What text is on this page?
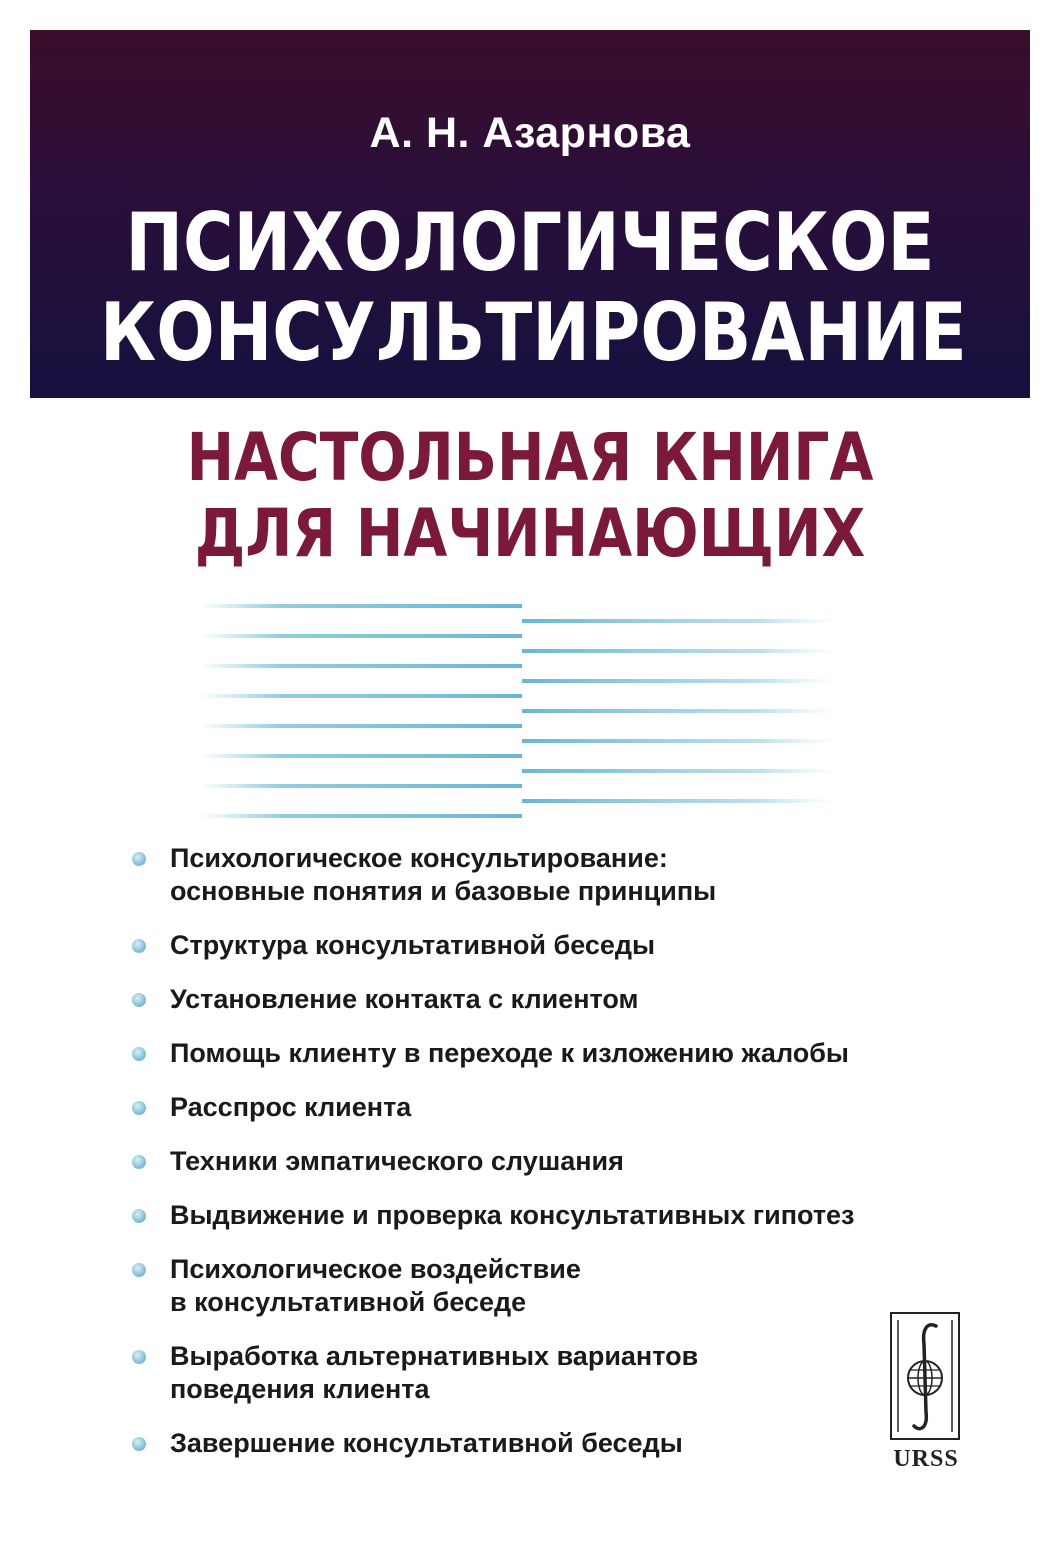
А. Н. Азарнова
ПСИХОЛОГИЧЕСКОЕ
КОНСУЛЬТИРОВАНИЕ
НАСТОЛЬНАЯ КНИГА
ДЛЯ НАЧИНАЮЩИХ
Психологическое консультирование:
основные понятия и базовые принципы
Структура консультативной беседы
Установление контакта с клиентом
Помощь клиенту в переходе к изложению жалобы
Расспрос клиента
Техники эмпатического слушания
Выдвижение и проверка консультативных гипотез
Психологическое воздействие
в консультативной беседе
Выработка альтернативных вариантов
поведения клиента
Завершение консультативной беседы
URSS
